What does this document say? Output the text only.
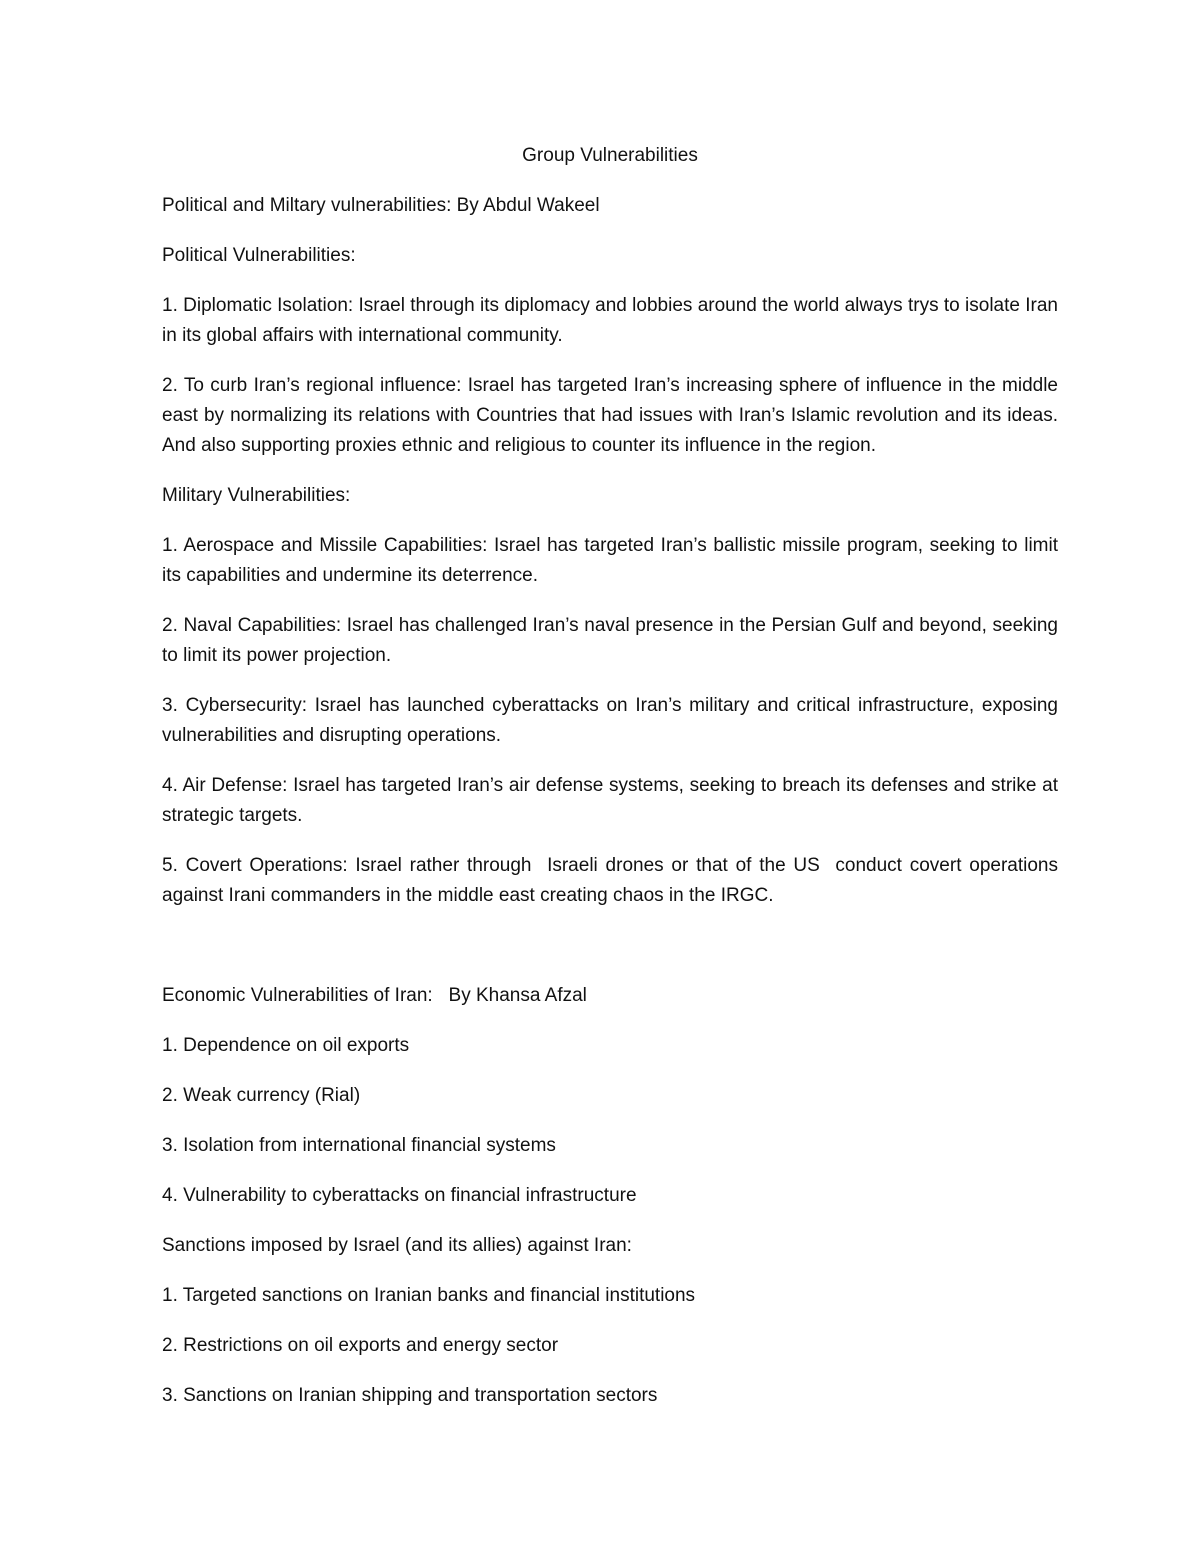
Group Vulnerabilities

Political and Miltary vulnerabilities: By Abdul Wakeel

Political Vulnerabilities:

1. Diplomatic Isolation: Israel through its diplomacy and lobbies around the world always trys to isolate Iran in its global affairs with international community.

2. To curb Iran’s regional influence: Israel has targeted Iran’s increasing sphere of influence in the middle east by normalizing its relations with Countries that had issues with Iran’s Islamic revolution and its ideas. And also supporting proxies ethnic and religious to counter its influence in the region.

Military Vulnerabilities:

1. Aerospace and Missile Capabilities: Israel has targeted Iran’s ballistic missile program, seeking to limit its capabilities and undermine its deterrence.

2. Naval Capabilities: Israel has challenged Iran’s naval presence in the Persian Gulf and beyond, seeking to limit its power projection.

3. Cybersecurity: Israel has launched cyberattacks on Iran’s military and critical infrastructure, exposing vulnerabilities and disrupting operations.

4. Air Defense: Israel has targeted Iran’s air defense systems, seeking to breach its defenses and strike at strategic targets.

5. Covert Operations: Israel rather through  Israeli drones or that of the US  conduct covert operations against Irani commanders in the middle east creating chaos in the IRGC.

Economic Vulnerabilities of Iran:   By Khansa Afzal

1. Dependence on oil exports

2. Weak currency (Rial)

3. Isolation from international financial systems

4. Vulnerability to cyberattacks on financial infrastructure

Sanctions imposed by Israel (and its allies) against Iran:

1. Targeted sanctions on Iranian banks and financial institutions

2. Restrictions on oil exports and energy sector

3. Sanctions on Iranian shipping and transportation sectors
